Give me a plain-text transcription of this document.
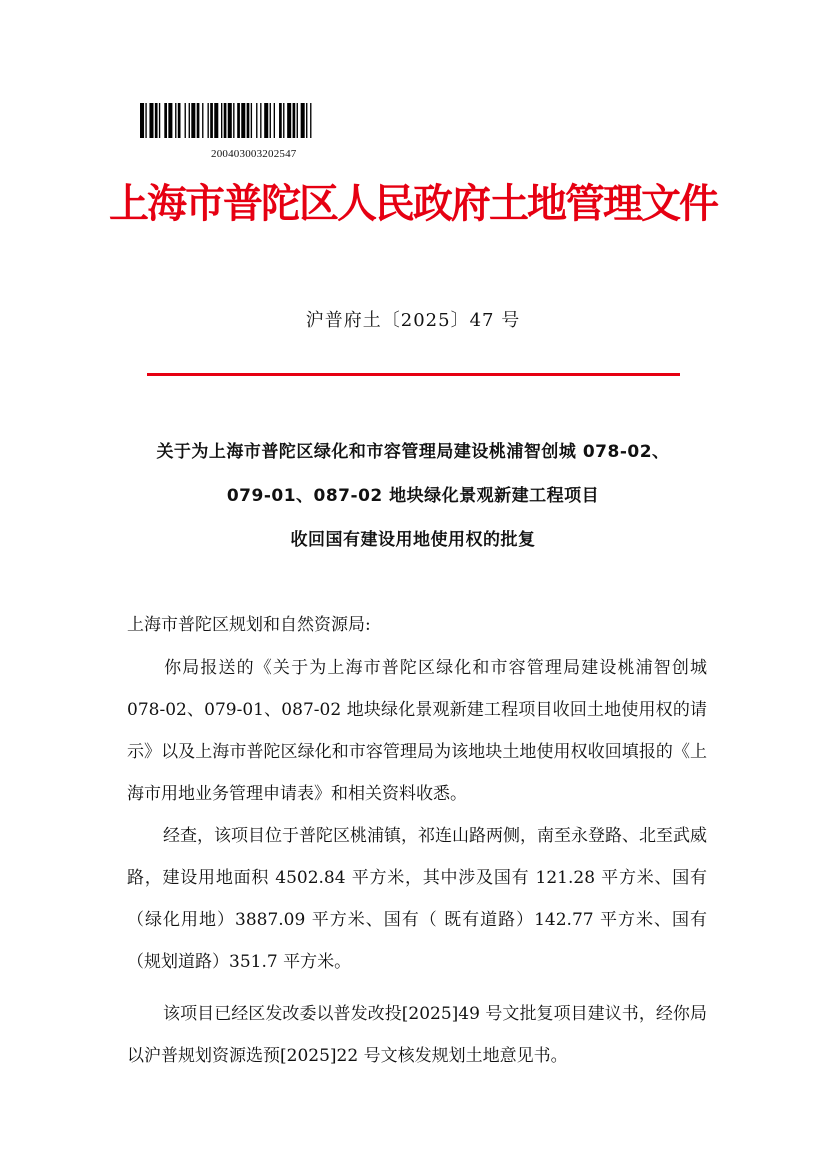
200403003202547
上海市普陀区人民政府土地管理文件
沪普府土〔2025〕47 号
关于为上海市普陀区绿化和市容管理局建设桃浦智创城 078-02、
079-01、087-02 地块绿化景观新建工程项目
收回国有建设用地使用权的批复
上海市普陀区规划和自然资源局:
你局报送的《关于为上海市普陀区绿化和市容管理局建设桃浦智创城 078-02、079-01、087-02 地块绿化景观新建工程项目收回土地使用权的请示》以及上海市普陀区绿化和市容管理局为该地块土地使用权收回填报的《上海市用地业务管理申请表》和相关资料收悉。
经查，该项目位于普陀区桃浦镇，祁连山路两侧，南至永登路、北至武威路，建设用地面积 4502.84 平方米，其中涉及国有 121.28 平方米、国有（绿化用地）3887.09 平方米、国有（ 既有道路）142.77 平方米、国有（规划道路）351.7 平方米。
该项目已经区发改委以普发改投[2025]49 号文批复项目建议书，经你局以沪普规划资源选预[2025]22 号文核发规划土地意见书。
